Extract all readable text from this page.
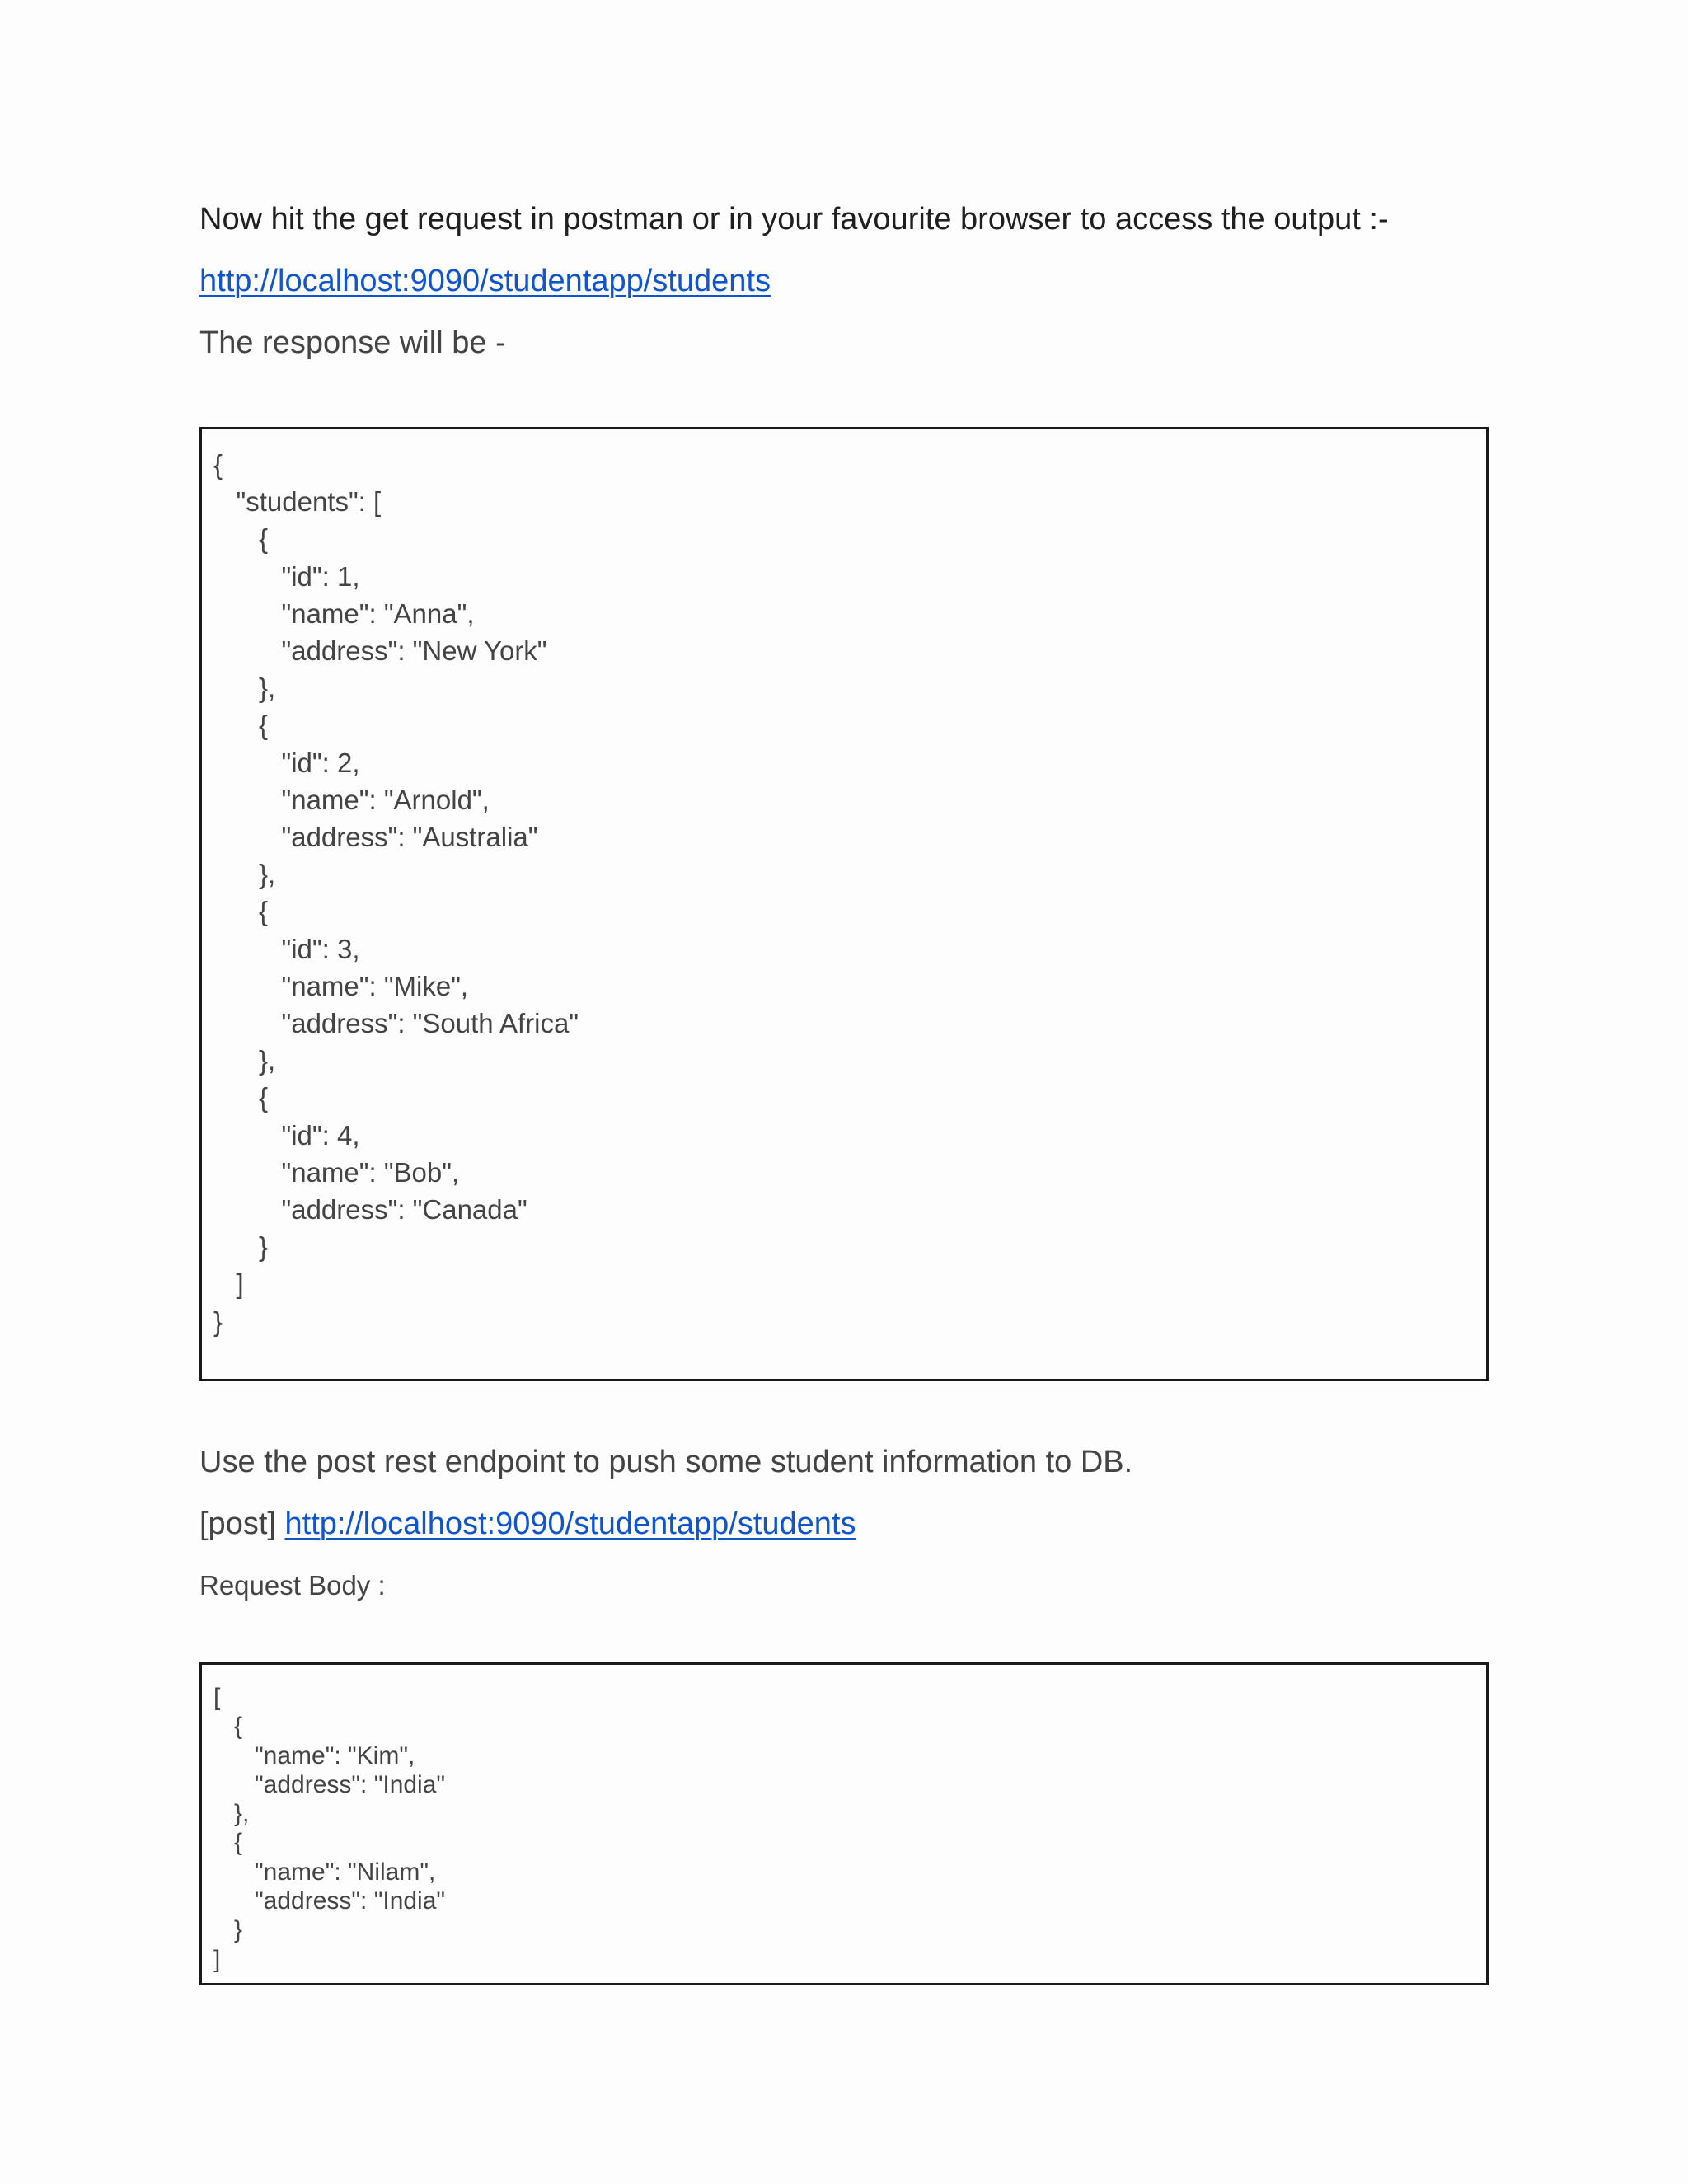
Now hit the get request in postman or in your favourite browser to access the output :-

http://localhost:9090/studentapp/students

The response will be -

{
"students": [
{
"id": 1,
"name": "Anna",
"address": "New York"
},
{
"id": 2,
"name": "Arnold",
"address": "Australia"
},
{
"id": 3,
"name": "Mike",
"address": "South Africa"
},
{
"id": 4,
"name": "Bob",
"address": "Canada"
}
]
}

Use the post rest endpoint to push some student information to DB.

[post] http://localhost:9090/studentapp/students

Request Body :

[
{
"name": "Kim",
"address": "India"
},
{
"name": "Nilam",
"address": "India"
}
]
